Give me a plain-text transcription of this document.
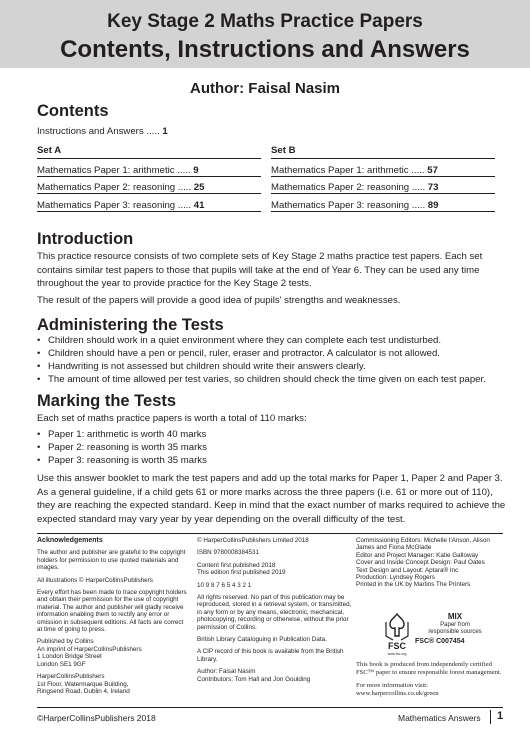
Key Stage 2 Maths Practice Papers
Contents, Instructions and Answers
Author: Faisal Nasim
Contents
Instructions and Answers ..... 1
Set A	Set B
Mathematics Paper 1: arithmetic ..... 9
Mathematics Paper 2: reasoning ..... 25
Mathematics Paper 3: reasoning ..... 41
Mathematics Paper 1: arithmetic ..... 57
Mathematics Paper 2: reasoning ..... 73
Mathematics Paper 3: reasoning ..... 89
Introduction
This practice resource consists of two complete sets of Key Stage 2 maths practice test papers. Each set contains similar test papers to those that pupils will take at the end of Year 6. They can be used any time throughout the year to provide practice for the Key Stage 2 tests.
The result of the papers will provide a good idea of pupils' strengths and weaknesses.
Administering the Tests
• Children should work in a quiet environment where they can complete each test undisturbed.
• Children should have a pen or pencil, ruler, eraser and protractor. A calculator is not allowed.
• Handwriting is not assessed but children should write their answers clearly.
• The amount of time allowed per test varies, so children should check the time given on each test paper.
Marking the Tests
Each set of maths practice papers is worth a total of 110 marks:
• Paper 1: arithmetic is worth 40 marks
• Paper 2: reasoning is worth 35 marks
• Paper 3: reasoning is worth 35 marks
Use this answer booklet to mark the test papers and add up the total marks for Paper 1, Paper 2 and Paper 3. As a general guideline, if a child gets 61 or more marks across the three papers (i.e. 61 or more out of 110), they are reaching the expected standard. Keep in mind that the exact number of marks required to achieve the expected standard may vary year by year depending on the overall difficulty of the test.

Acknowledgements

The author and publisher are grateful to the copyright holders for permission to use quoted materials and images.

All illustrations © HarperCollinsPublishers

Every effort has been made to trace copyright holders and obtain their permission for the use of copyright material. The author and publisher will gladly receive information enabling them to rectify any error or omission in subsequent editions. All facts are correct at time of going to press.

Published by Collins

An imprint of HarperCollinsPublishers

1 London Bridge Street

London SE1 9GF

HarperCollinsPublishers

1st Floor, Watermarque Building,

Ringsend Road, Dublin 4, Ireland

© HarperCollinsPublishers Limited 2018

ISBN 9780008384531

Content first published 2018

This edition first published 2019

10 9 8 7 6 5 4 3 2 1

All rights reserved. No part of this publication may be reproduced, stored in a retrieval system, or transmitted, in any form or by any means, electronic, mechanical, photocopying, recording or otherwise, without the prior permission of Collins.

British Library Cataloguing in Publication Data.

A CIP record of this book is available from the British Library.

Author: Faisal Nasim

Contributors: Tom Hall and Jon Goulding

Commissioning Editors: Michelle I'Anson, Alison James and Fiona McGlade

Editor and Project Manager: Katie Galloway

Cover and Inside Concept Design: Paul Oates

Text Design and Layout: Aptara® Inc

Production: Lyndsey Rogers

Printed in the UK by Martins The Printers

FSC
www.fsc.org
MIX
Paper from
responsible sources
FSC® C007454

This book is produced from independently certified FSC™ paper to ensure responsible forest management.

For more information visit:

www.harpercollins.co.uk/green

©HarperCollinsPublishers 2018	Mathematics Answers 1
